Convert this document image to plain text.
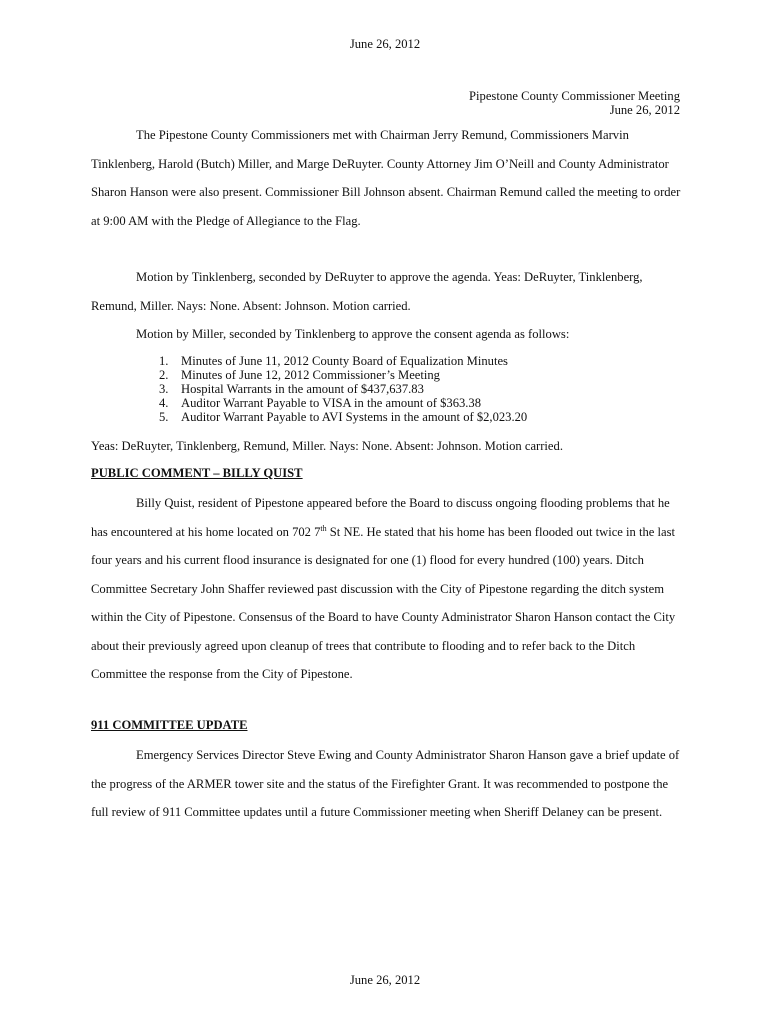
June 26, 2012
Pipestone County Commissioner Meeting
June 26, 2012

The Pipestone County Commissioners met with Chairman Jerry Remund, Commissioners Marvin Tinklenberg, Harold (Butch) Miller, and Marge DeRuyter. County Attorney Jim O’Neill and County Administrator Sharon Hanson were also present. Commissioner Bill Johnson absent. Chairman Remund called the meeting to order at 9:00 AM with the Pledge of Allegiance to the Flag.

Motion by Tinklenberg, seconded by DeRuyter to approve the agenda. Yeas: DeRuyter, Tinklenberg, Remund, Miller. Nays: None. Absent: Johnson. Motion carried.

Motion by Miller, seconded by Tinklenberg to approve the consent agenda as follows:

1. Minutes of June 11, 2012 County Board of Equalization Minutes
2. Minutes of June 12, 2012 Commissioner’s Meeting
3. Hospital Warrants in the amount of $437,637.83
4. Auditor Warrant Payable to VISA in the amount of $363.38
5. Auditor Warrant Payable to AVI Systems in the amount of $2,023.20

Yeas: DeRuyter, Tinklenberg, Remund, Miller. Nays: None. Absent: Johnson. Motion carried.

PUBLIC COMMENT – BILLY QUIST

Billy Quist, resident of Pipestone appeared before the Board to discuss ongoing flooding problems that he has encountered at his home located on 702 7th St NE. He stated that his home has been flooded out twice in the last four years and his current flood insurance is designated for one (1) flood for every hundred (100) years. Ditch Committee Secretary John Shaffer reviewed past discussion with the City of Pipestone regarding the ditch system within the City of Pipestone. Consensus of the Board to have County Administrator Sharon Hanson contact the City about their previously agreed upon cleanup of trees that contribute to flooding and to refer back to the Ditch Committee the response from the City of Pipestone.

911 COMMITTEE UPDATE

Emergency Services Director Steve Ewing and County Administrator Sharon Hanson gave a brief update of the progress of the ARMER tower site and the status of the Firefighter Grant. It was recommended to postpone the full review of 911 Committee updates until a future Commissioner meeting when Sheriff Delaney can be present.

June 26, 2012
